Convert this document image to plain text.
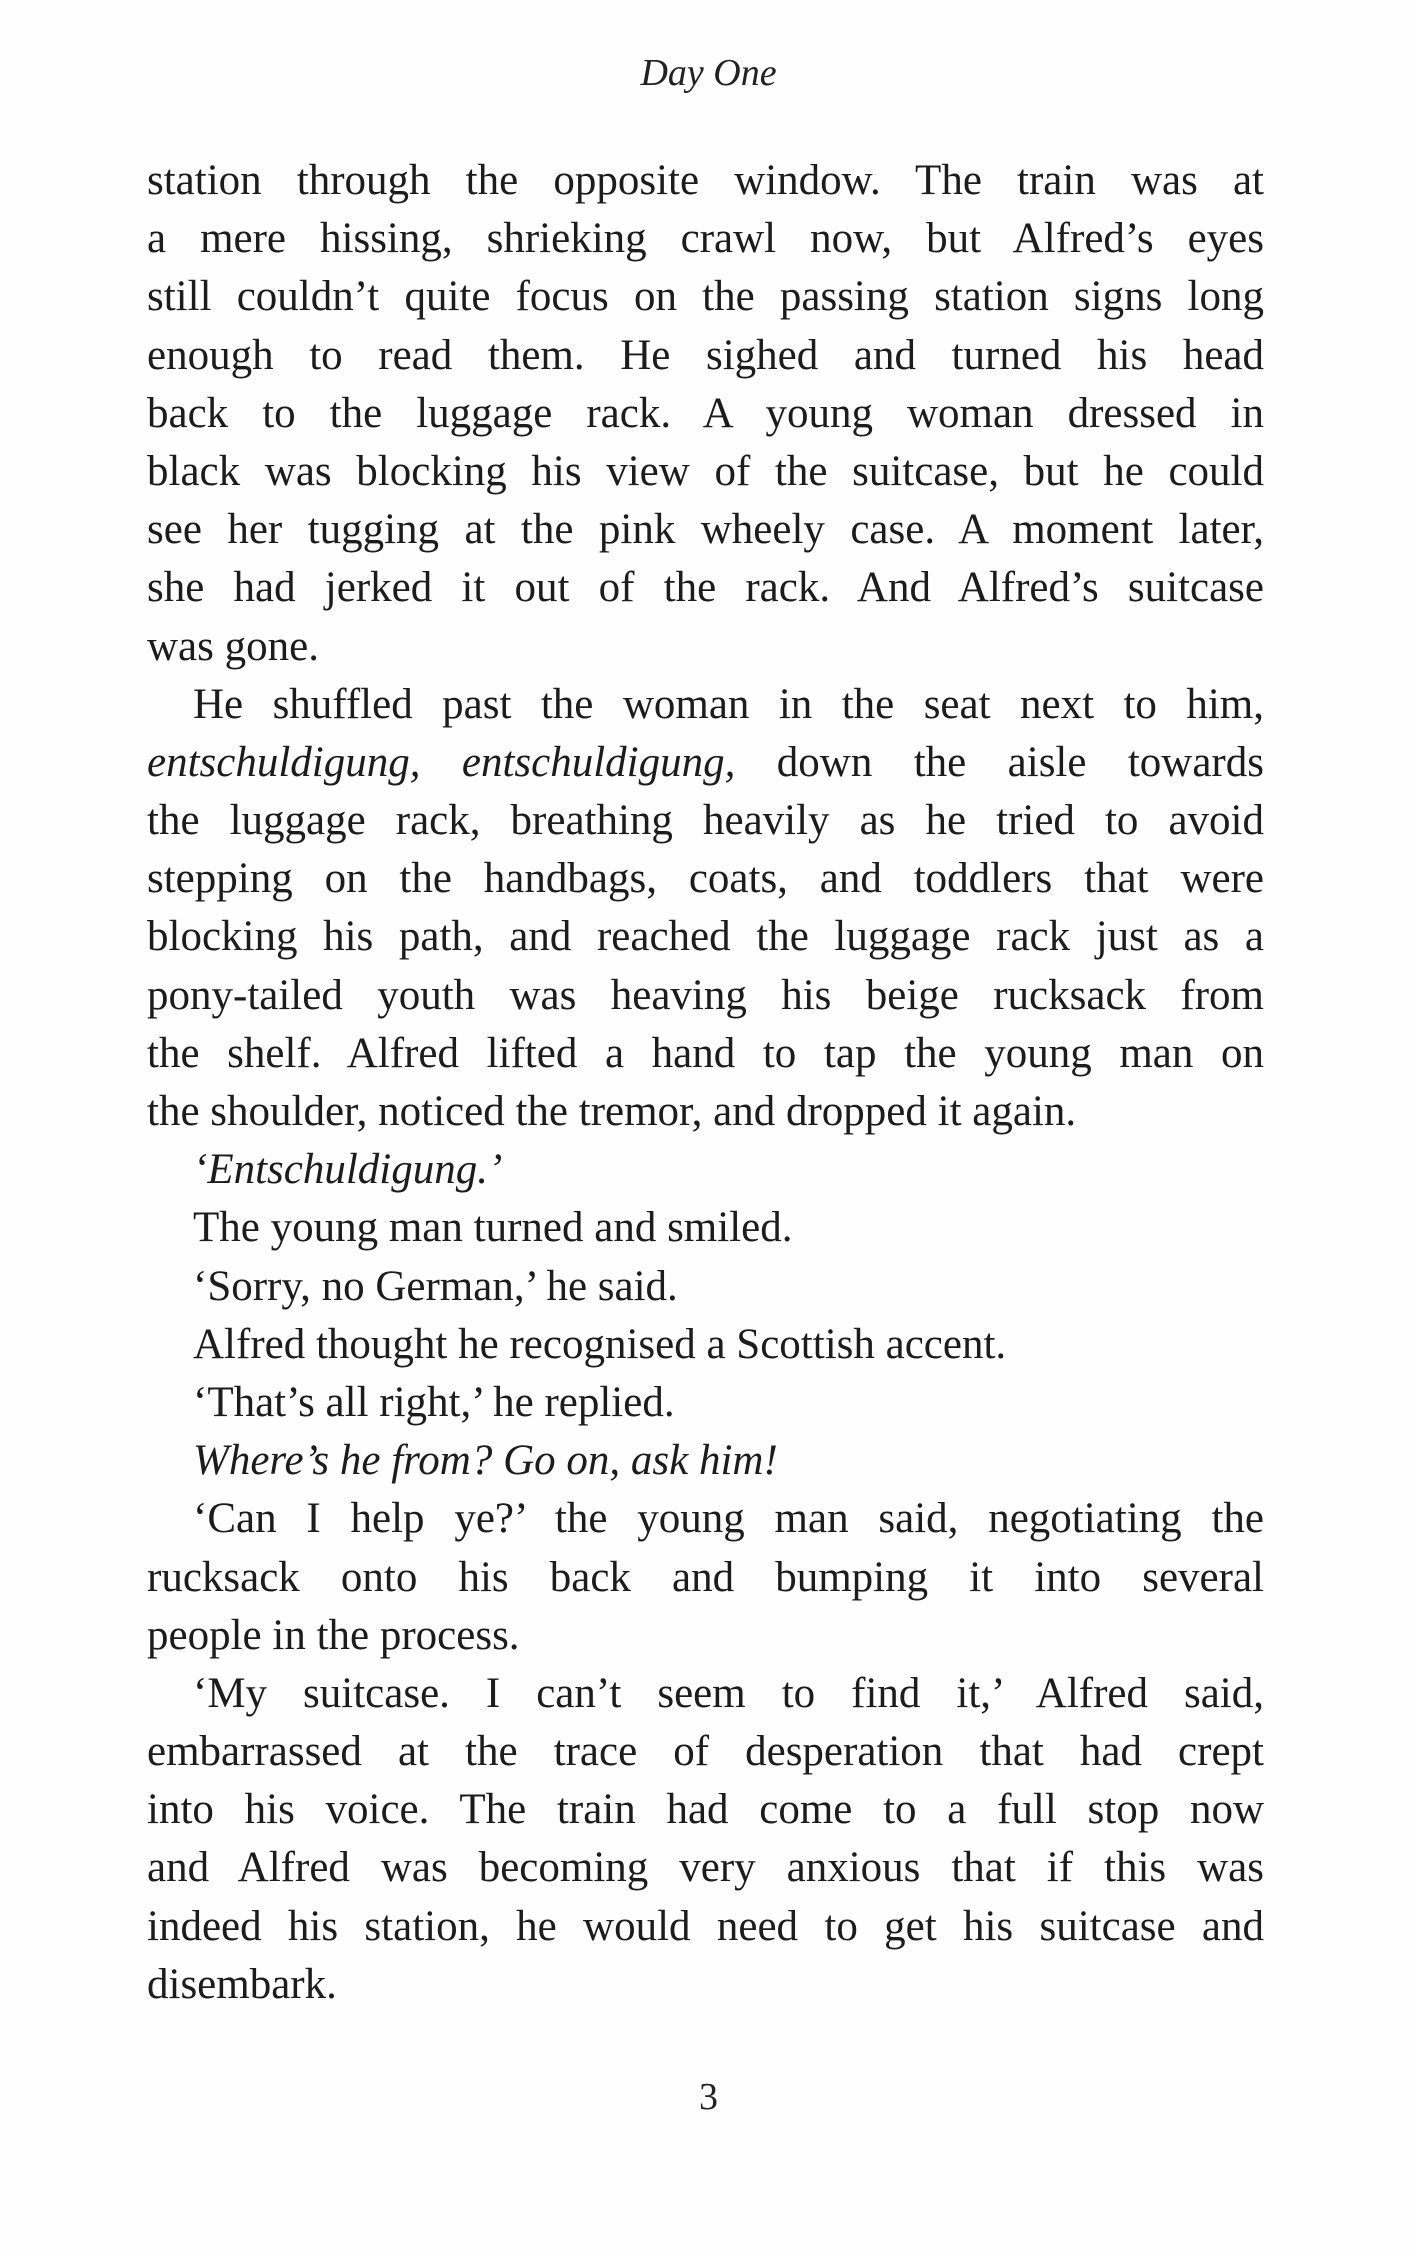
Day One
station through the opposite window. The train was at
a mere hissing, shrieking crawl now, but Alfred’s eyes
still couldn’t quite focus on the passing station signs long
enough to read them. He sighed and turned his head
back to the luggage rack. A young woman dressed in
black was blocking his view of the suitcase, but he could
see her tugging at the pink wheely case. A moment later,
she had jerked it out of the rack. And Alfred’s suitcase
was gone.
He shuffled past the woman in the seat next to him,
entschuldigung, entschuldigung, down the aisle towards
the luggage rack, breathing heavily as he tried to avoid
stepping on the handbags, coats, and toddlers that were
blocking his path, and reached the luggage rack just as a
pony-tailed youth was heaving his beige rucksack from
the shelf. Alfred lifted a hand to tap the young man on
the shoulder, noticed the tremor, and dropped it again.
‘Entschuldigung.’
The young man turned and smiled.
‘Sorry, no German,’ he said.
Alfred thought he recognised a Scottish accent.
‘That’s all right,’ he replied.
Where’s he from? Go on, ask him!
‘Can I help ye?’ the young man said, negotiating the
rucksack onto his back and bumping it into several
people in the process.
‘My suitcase. I can’t seem to find it,’ Alfred said,
embarrassed at the trace of desperation that had crept
into his voice. The train had come to a full stop now
and Alfred was becoming very anxious that if this was
indeed his station, he would need to get his suitcase and
disembark.
3
